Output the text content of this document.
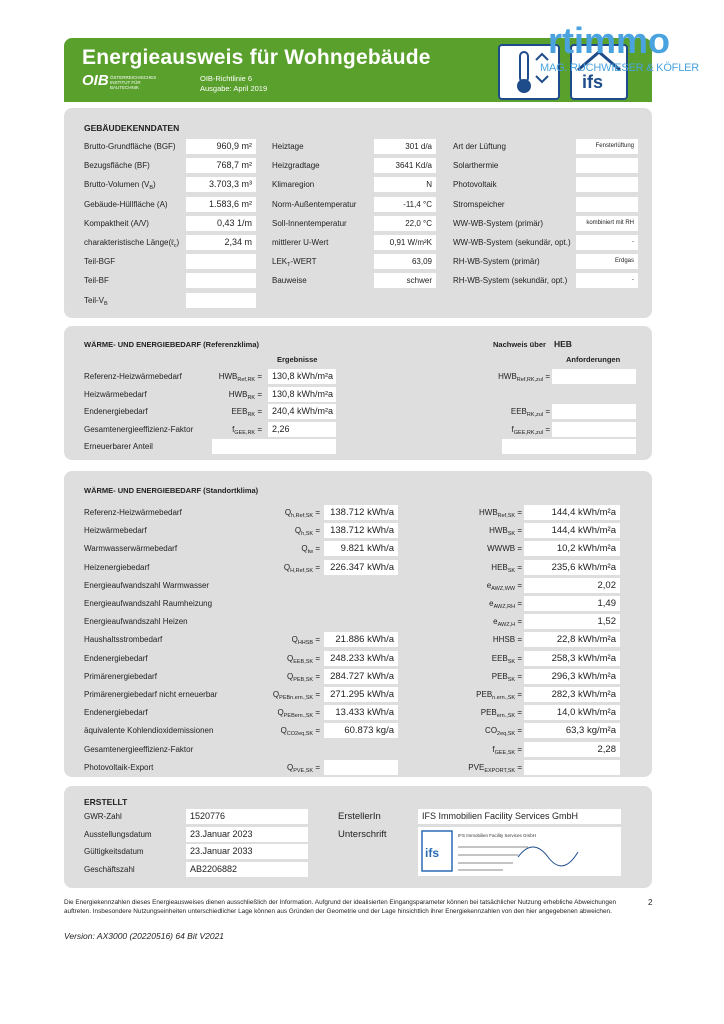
Energieausweis für Wohngebäude
OIB ÖSTERREICHISCHES INSTITUT FÜR BAUTECHNIK
OIB-Richtlinie 6
Ausgabe: April 2019	ifs
rtimmo
MAG. RUCHWIESER & KÖFLER
GEBÄUDEKENNDATEN
Brutto-Grundfläche (BGF)	960,9 m²
Bezugsfläche (BF)	768,7 m²
Brutto-Volumen $(V_B)$	3.703,3 m³
Gebäude-Hüllfläche (A)	1.583,6 m²
Kompaktheit (A/V)	0,43 1/m
charakteristische Länge(ℓ$_c$)	2,34 m
Teil-BGF
Teil-BF
Teil-$V_B$
Heiztage	301 d/a
Heizgradtage	3641 Kd/a
Klimaregion	N
Norm-Außentemperatur	-11,4 °C
Soll-Innentemperatur	22,0 °C
mittlerer U-Wert	0,91 W/m²K
$LEK_T$-WERT	63,09
Bauweise	schwer
Art der Lüftung	Fensterlüftung
Solarthermie
Photovoltaik
Stromspeicher
WW-WB-System (primär)	kombiniert mit RH
WW-WB-System (sekundär, opt.)	-
RH-WB-System (primär)	Erdgas
RH-WB-System (sekundär, opt.)	-
WÄRME- UND ENERGIEBEDARF (Referenzklima)	Nachweis über HEB
Ergebnisse	Anforderungen
Referenz-Heizwärmebedarf	$HWB_{Ref,RK}$ =	130,8 kWh/m²a	$HWB_{Ref,RK,zul}$ =
Heizwärmebedarf	$HWB_{RK}$ =	130,8 kWh/m²a
Endenergiebedarf	$EEB_{RK}$ =	240,4 kWh/m²a	$EEB_{RK,zul}$ =
Gesamtenergieeffizienz-Faktor	$f_{GEE,RK}$ =	2,26	$f_{GEE,RK,zul}$ =
Erneuerbarer Anteil
WÄRME- UND ENERGIEBEDARF (Standortklima)
Referenz-Heizwärmebedarf	$Q_{h,Ref,SK}$ =	138.712 kWh/a	$HWB_{Ref,SK}$ =	144,4 kWh/m²a
Heizwärmebedarf	$Q_{h,SK}$ =	138.712 kWh/a	$HWB_{SK}$ =	144,4 kWh/m²a
Warmwasserwärmebedarf	$Q_{tw}$ =	9.821 kWh/a	WWWB =	10,2 kWh/m²a
Heizenergiebedarf	$Q_{H,Ref,SK}$ =	226.347 kWh/a	$HEB_{SK}$ =	235,6 kWh/m²a
Energieaufwandszahl Warmwasser	$e_{AWZ,WW}$ =	2,02
Energieaufwandszahl Raumheizung	$e_{AWZ,RH}$ =	1,49
Energieaufwandszahl Heizen	$e_{AWZ,H}$ =	1,52
Haushaltsstrombedarf	$Q_{HHSB}$ =	21.886 kWh/a	HHSB =	22,8 kWh/m²a
Endenergiebedarf	$Q_{EEB,SK}$ =	248.233 kWh/a	$EEB_{SK}$ =	258,3 kWh/m²a
Primärenergiebedarf	$Q_{PEB,SK}$ =	284.727 kWh/a	$PEB_{SK}$ =	296,3 kWh/m²a
Primärenergiebedarf nicht erneuerbar	$Q_{PEBn.ern.,SK}$ =	271.295 kWh/a	$PEB_{n.ern.,SK}$ =	282,3 kWh/m²a
Endenergiebedarf	$Q_{PEBern.,SK}$ =	13.433 kWh/a	$PEB_{ern.,SK}$ =	14,0 kWh/m²a
äquivalente Kohlendioxidemissionen	$Q_{CO2eq,SK}$ =	60.873 kg/a	$CO_{2eq,SK}$ =	63,3 kg/m²a
Gesamtenergieeffizienz-Faktor	$f_{GEE,SK}$ =	2,28
Photovoltaik-Export	$Q_{PVE,SK}$ =	$PVE_{EXPORT,SK}$ =
ERSTELLT
GWR-Zahl	1520776
Ausstellungsdatum	23.Januar 2023
Gültigkeitsdatum	23.Januar 2033
Geschäftszahl	AB2206882
ErstellerIn	IFS Immobilien Facility Services GmbH
Unterschrift
ifs
IFS Immobilien Facility Services GmbH
Die Energiekennzahlen dieses Energieausweises dienen ausschließlich der Information. Aufgrund der idealisierten Eingangsparameter können bei tatsächlicher Nutzung erhebliche Abweichungen auftreten. Insbesondere Nutzungseinheiten unterschiedlicher Lage können aus Gründen der Geometrie und der Lage hinsichtlich ihrer Energiekennzahlen von den hier angegebenen abweichen.
2
Version: AX3000 (20220516) 64 Bit V2021
